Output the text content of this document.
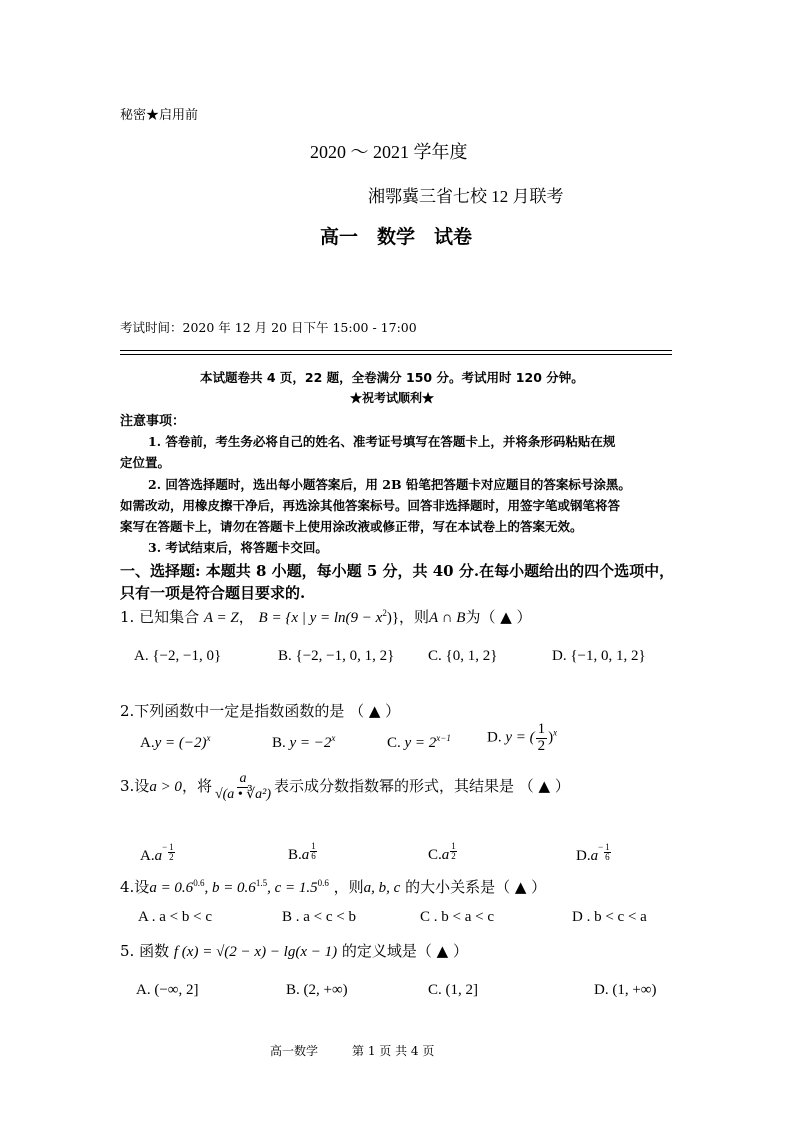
秘密★启用前
2020 ～ 2021 学年度
湘鄂冀三省七校 12 月联考
高一　数学　试卷
考试时间：2020 年 12 月 20 日下午 15:00 - 17:00
本试题卷共 4 页，22 题，全卷满分 150 分。考试用时 120 分钟。
★祝考试顺利★
注意事项：
1. 答卷前，考生务必将自己的姓名、准考证号填写在答题卡上，并将条形码粘贴在规
定位置。
2. 回答选择题时，选出每小题答案后，用 2B 铅笔把答题卡对应题目的答案标号涂黑。
如需改动，用橡皮擦干净后，再选涂其他答案标号。回答非选择题时，用签字笔或钢笔将答
案写在答题卡上，请勿在答题卡上使用涂改液或修正带，写在本试卷上的答案无效。
3. 考试结束后，将答题卡交回。
一、选择题: 本题共 8 小题，每小题 5 分，共 40 分.在每小题给出的四个选项中，
只有一项是符合题目要求的.
1. 已知集合 A = Z， B = {x | $y = \ln(9 - x^2)$}，则A ∩ B为（ ▲ ）
A. {−2, −1, 0}	B. {−2, −1, 0, 1, 2} C. {0, 1, 2}	D. {−1, 0, 1, 2}
2.下列函数中一定是指数函数的是 （ ▲ ）
$A.y = (-2)^x$	B. $y = -2^x$	C. $y = 2^{x-1}$ D. y = ( $\frac{1}{2} )^x$
3.设a > 0，将 $\frac{a}{\text{√(a • ∛a²)}}$ 表示成分数指数幂的形式，其结果是 （ ▲ ）
$A.a^- \frac{1}{2}$	$B.a \frac{1}{6}$	$C.a \frac{1}{2}$	$D.a^- \frac{1}{6}$
4.设$a = 0.6^{0.6}$, $b = 0.6^{1.5}$, $c = 1.5^{0.6}$ ，则a, b, c 的大小关系是（ ▲ ）
A . a < b < c	B . a < c < b	C . b < a < c	D . b < c < a
5. 函数 f (x) = √(2 − x) − lg(x − 1) 的定义域是（ ▲ ）
A. (−∞, 2]	B. (2, +∞)	C. (1, 2]	D. (1, +∞)
高一数学	第 1 页 共 4 页
